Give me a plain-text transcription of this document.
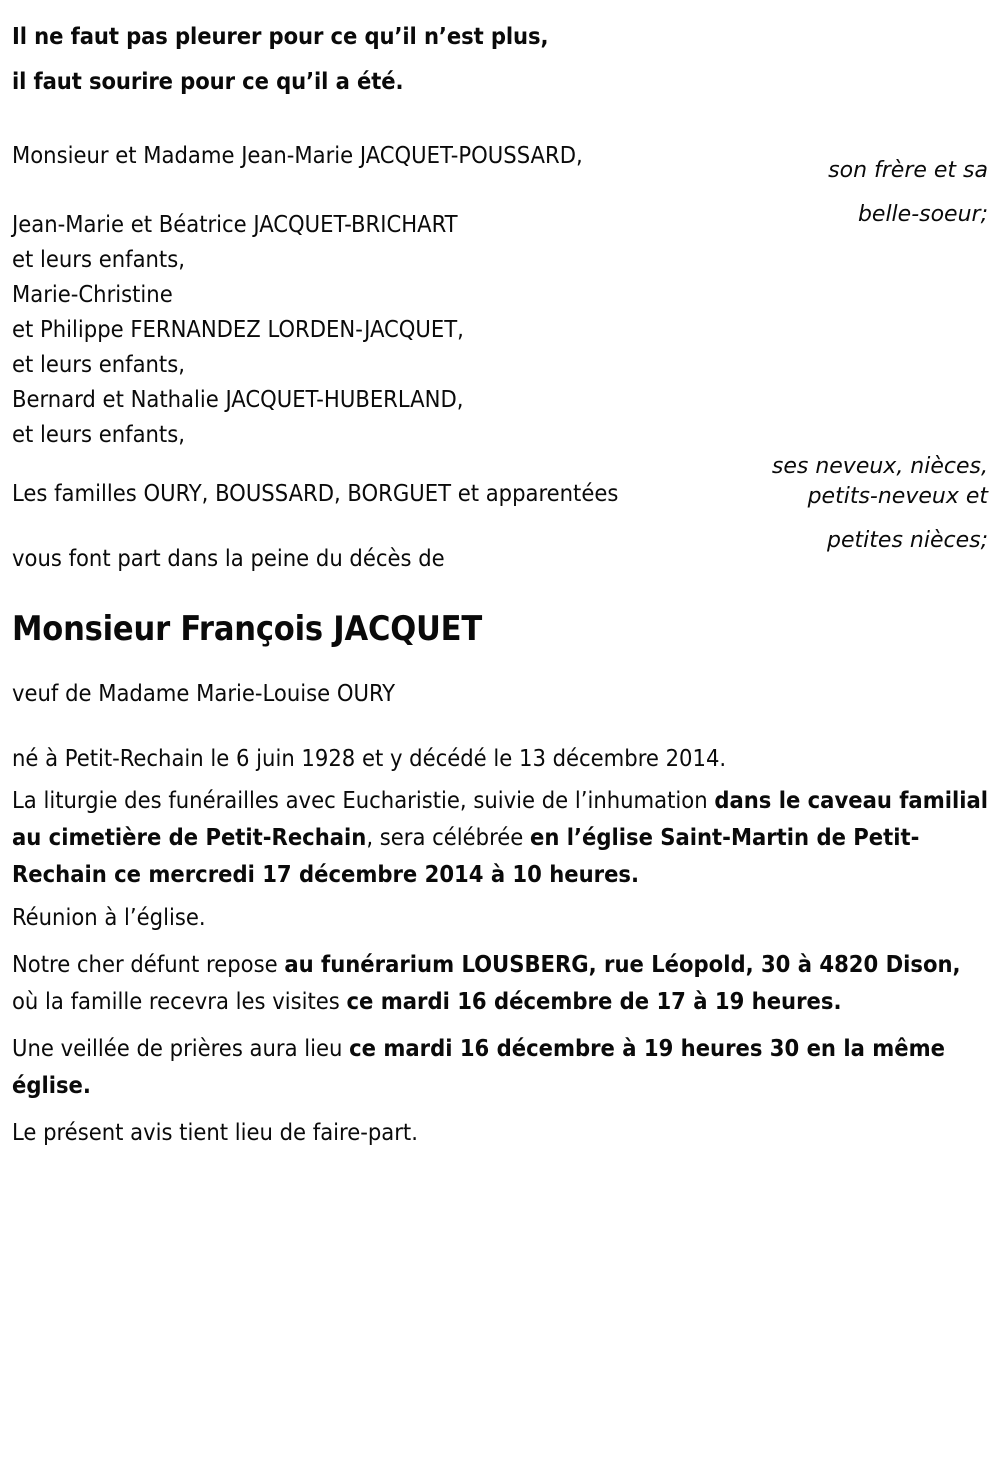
Il ne faut pas pleurer pour ce qu’il n’est plus,
il faut sourire pour ce qu’il a été.
Monsieur et Madame Jean-Marie JACQUET-POUSSARD,
son frère et sa
belle-soeur;
Jean-Marie et Béatrice JACQUET-BRICHART
et leurs enfants,
Marie-Christine
et Philippe FERNANDEZ LORDEN-JACQUET,
et leurs enfants,
Bernard et Nathalie JACQUET-HUBERLAND,
et leurs enfants,
ses neveux, nièces,
petits-neveux et
petites nièces;
Les familles OURY, BOUSSARD, BORGUET et apparentées
vous font part dans la peine du décès de
Monsieur François JACQUET
veuf de Madame Marie-Louise OURY
né à Petit-Rechain le 6 juin 1928 et y décédé le 13 décembre 2014.
La liturgie des funérailles avec Eucharistie, suivie de l’inhumation dans le caveau familial au cimetière de Petit-Rechain, sera célébrée en l’église Saint-Martin de Petit-Rechain ce mercredi 17 décembre 2014 à 10 heures.
Réunion à l’église.
Notre cher défunt repose au funérarium LOUSBERG, rue Léopold, 30 à 4820 Dison, où la famille recevra les visites ce mardi 16 décembre de 17 à 19 heures.
Une veillée de prières aura lieu ce mardi 16 décembre à 19 heures 30 en la même église.
Le présent avis tient lieu de faire-part.
